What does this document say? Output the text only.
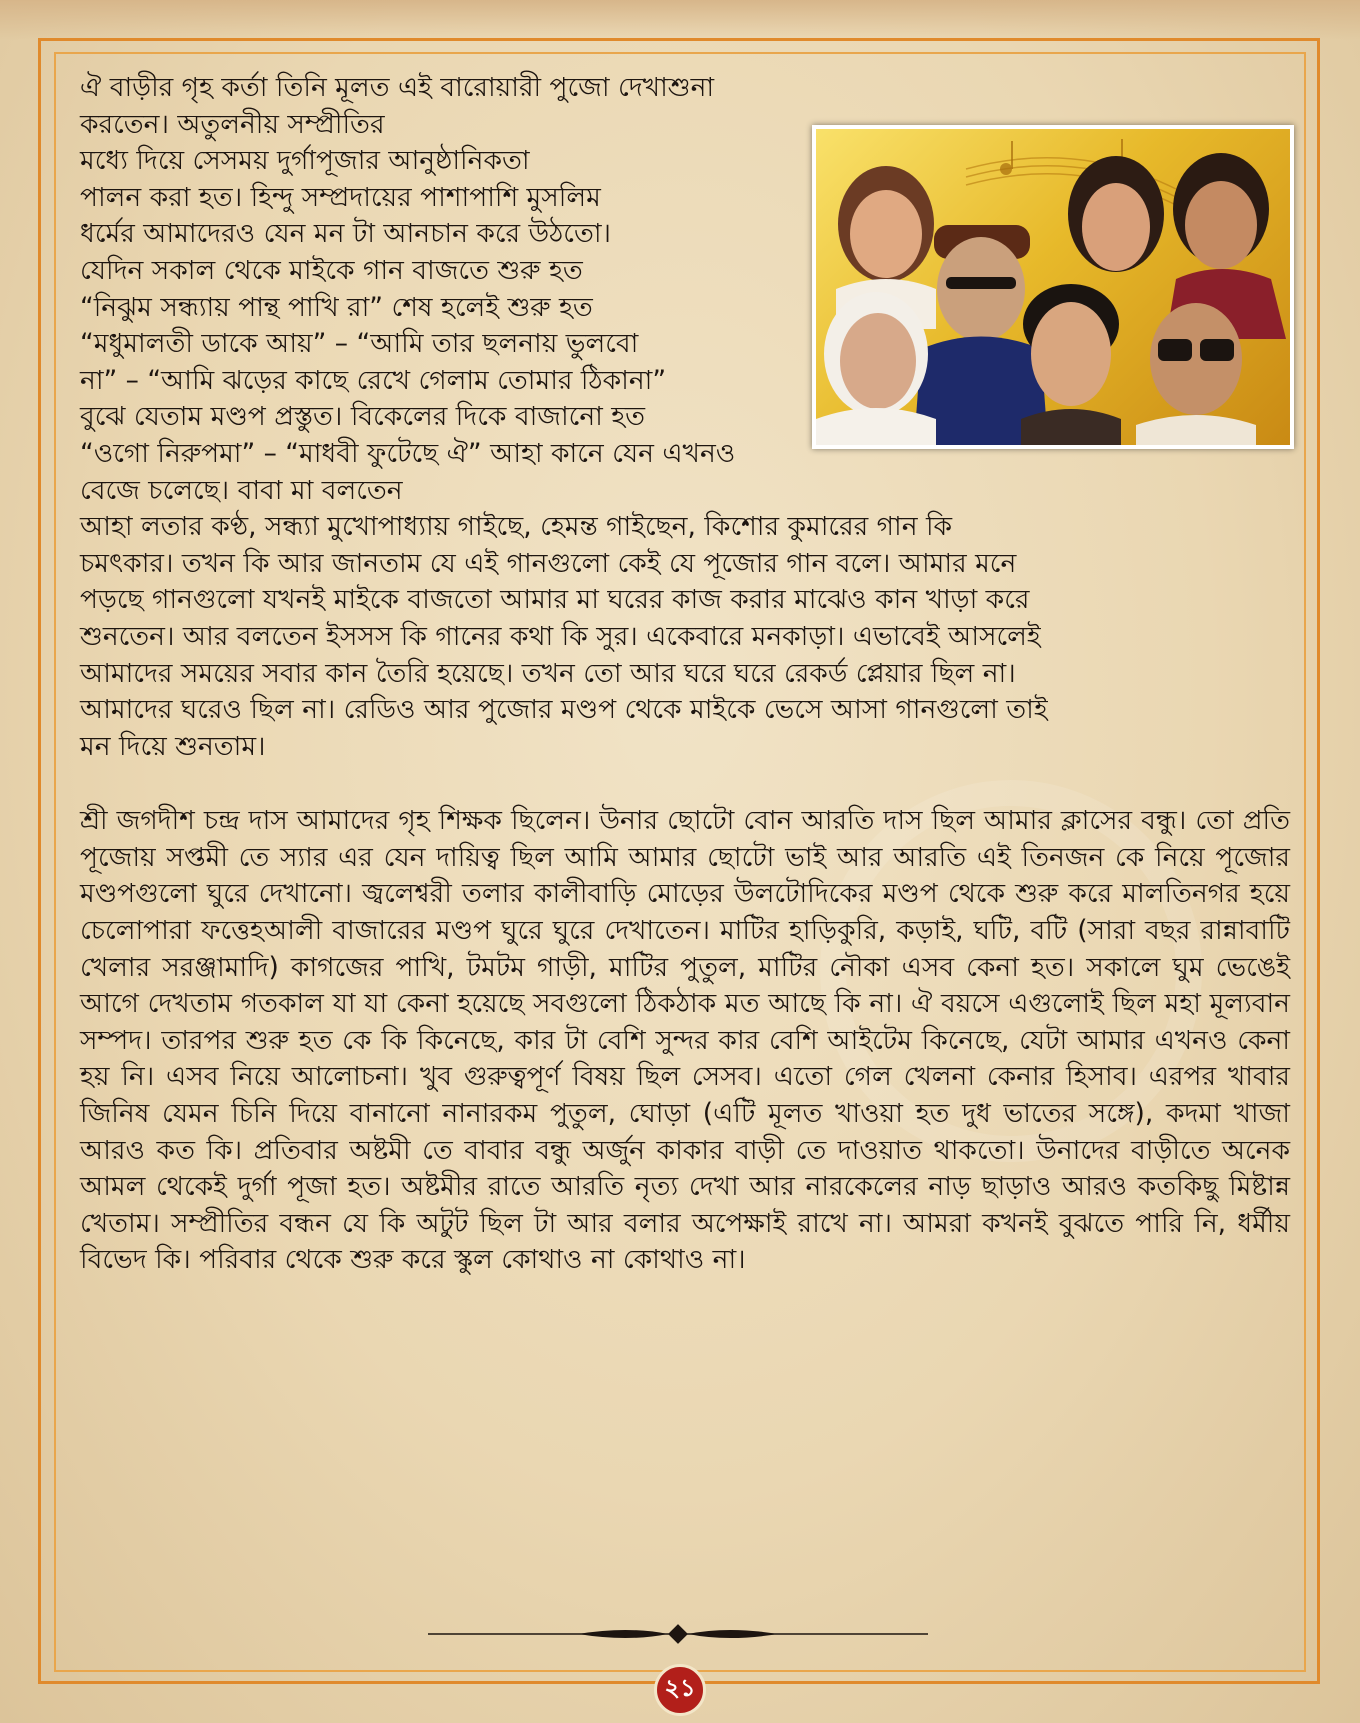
ঐ বাড়ীর গৃহ কর্তা তিনি মূলত এই বারোয়ারী পুজো দেখাশুনা করতেন। অতুলনীয় সম্প্রীতির
মধ্যে দিয়ে সেসময় দুর্গাপূজার আনুষ্ঠানিকতা
পালন করা হত। হিন্দু সম্প্রদায়ের পাশাপাশি মুসলিম
ধর্মের আমাদেরও যেন মন টা আনচান করে উঠতো।
যেদিন সকাল থেকে মাইকে গান বাজতে শুরু হত
“নিঝুম সন্ধ্যায় পান্থ পাখি রা” শেষ হলেই শুরু হত
“মধুমালতী ডাকে আয়” – “আমি তার ছলনায় ভুলবো
না” – “আমি ঝড়ের কাছে রেখে গেলাম তোমার ঠিকানা”
বুঝে যেতাম মণ্ডপ প্রস্তুত। বিকেলের দিকে বাজানো হত
“ওগো নিরুপমা” – “মাধবী ফুটেছে ঐ” আহা কানে যেন এখনও বেজে চলেছে। বাবা মা বলতেন
আহা লতার কণ্ঠ, সন্ধ্যা মুখোপাধ্যায় গাইছে, হেমন্ত গাইছেন, কিশোর কুমারের গান কি
চমৎকার। তখন কি আর জানতাম যে এই গানগুলো কেই যে পূজোর গান বলে। আমার মনে
পড়ছে গানগুলো যখনই মাইকে বাজতো আমার মা ঘরের কাজ করার মাঝেও কান খাড়া করে
শুনতেন। আর বলতেন ইসসস কি গানের কথা কি সুর। একেবারে মনকাড়া। এভাবেই আসলেই
আমাদের সময়ের সবার কান তৈরি হয়েছে। তখন তো আর ঘরে ঘরে রেকর্ড প্লেয়ার ছিল না।
আমাদের ঘরেও ছিল না। রেডিও আর পুজোর মণ্ডপ থেকে মাইকে ভেসে আসা গানগুলো তাই
মন দিয়ে শুনতাম।

শ্রী জগদীশ চন্দ্র দাস আমাদের গৃহ শিক্ষক ছিলেন। উনার ছোটো বোন আরতি দাস ছিল আমার ক্লাসের বন্ধু। তো প্রতি পূজোয় সপ্তমী তে স্যার এর যেন দায়িত্ব ছিল আমি আমার ছোটো ভাই আর আরতি এই তিনজন কে নিয়ে পূজোর মণ্ডপগুলো ঘুরে দেখানো। জ্বলেশ্বরী তলার কালীবাড়ি মোড়ের উলটোদিকের মণ্ডপ থেকে শুরু করে মালতিনগর হয়ে চেলোপারা ফত্তেহআলী বাজারের মণ্ডপ ঘুরে ঘুরে দেখাতেন। মাটির হাড়িকুরি, কড়াই, ঘটি, বটি (সারা বছর রান্নাবাটি খেলার সরঞ্জামাদি) কাগজের পাখি, টমটম গাড়ী, মাটির পুতুল, মাটির নৌকা এসব কেনা হত। সকালে ঘুম ভেঙেই আগে দেখতাম গতকাল যা যা কেনা হয়েছে সবগুলো ঠিকঠাক মত আছে কি না। ঐ বয়সে এগুলোই ছিল মহা মূল্যবান সম্পদ। তারপর শুরু হত কে কি কিনেছে, কার টা বেশি সুন্দর কার বেশি আইটেম কিনেছে, যেটা আমার এখনও কেনা হয় নি। এসব নিয়ে আলোচনা। খুব গুরুত্বপূর্ণ বিষয় ছিল সেসব। এতো গেল খেলনা কেনার হিসাব। এরপর খাবার জিনিষ যেমন চিনি দিয়ে বানানো নানারকম পুতুল, ঘোড়া (এটি মূলত খাওয়া হত দুধ ভাতের সঙ্গে), কদমা খাজা আরও কত কি। প্রতিবার অষ্টমী তে বাবার বন্ধু অর্জুন কাকার বাড়ী তে দাওয়াত থাকতো। উনাদের বাড়ীতে অনেক আমল থেকেই দুর্গা পূজা হত। অষ্টমীর রাতে আরতি নৃত্য দেখা আর নারকেলের নাড় ছাড়াও আরও কতকিছু মিষ্টান্ন খেতাম। সম্প্রীতির বন্ধন যে কি অটুট ছিল টা আর বলার অপেক্ষাই রাখে না। আমরা কখনই বুঝতে পারি নি, ধর্মীয় বিভেদ কি। পরিবার থেকে শুরু করে স্কুল কোথাও না কোথাও না।

২১
